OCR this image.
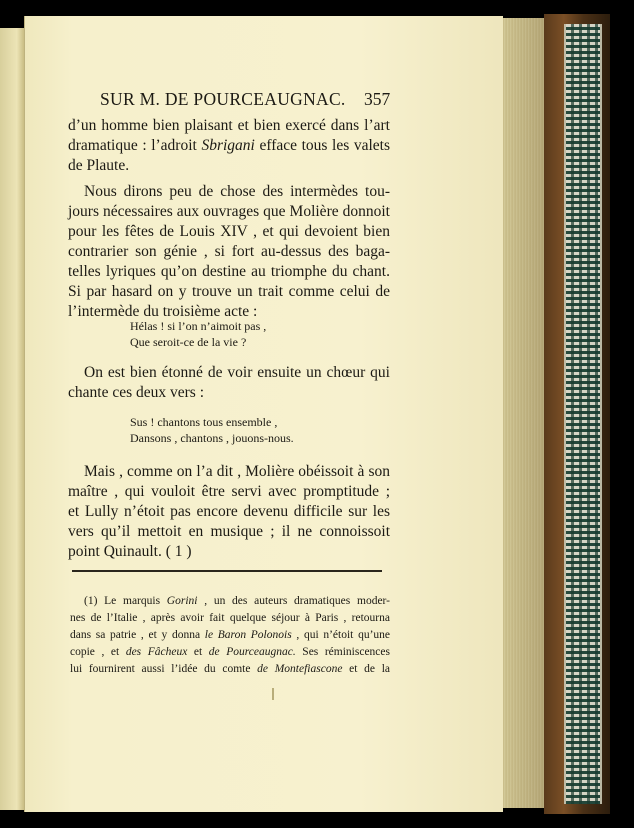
SUR M. DE POURCEAUGNAC. 357
d’un homme bien plaisant et bien exercé dans l’art
dramatique : l’adroit Sbrigani efface tous les valets
de Plaute.
Nous dirons peu de chose des intermèdes tou-
jours nécessaires aux ouvrages que Molière donnoit
pour les fêtes de Louis XIV , et qui devoient bien
contrarier son génie , si fort au-dessus des baga-
telles lyriques qu’on destine au triomphe du chant.
Si par hasard on y trouve un trait comme celui de
l’intermède du troisième acte :
Hélas ! si l’on n’aimoit pas ,
Que seroit-ce de la vie ?
On est bien étonné de voir ensuite un chœur qui
chante ces deux vers :
Sus ! chantons tous ensemble ,
Dansons , chantons , jouons-nous.
Mais , comme on l’a dit , Molière obéissoit à son
maître , qui vouloit être servi avec promptitude ;
et Lully n’étoit pas encore devenu difficile sur les
vers qu’il mettoit en musique ; il ne connoissoit
point Quinault. ( 1 )
(1) Le marquis Gorini , un des auteurs dramatiques moder-
nes de l’Italie , après avoir fait quelque séjour à Paris , retourna
dans sa patrie , et y donna le Baron Polonois , qui n’étoit qu’une
copie , et des Fâcheux et de Pourceaugnac. Ses réminiscences
lui fournirent aussi l’idée du comte de Montefiascone et de la
